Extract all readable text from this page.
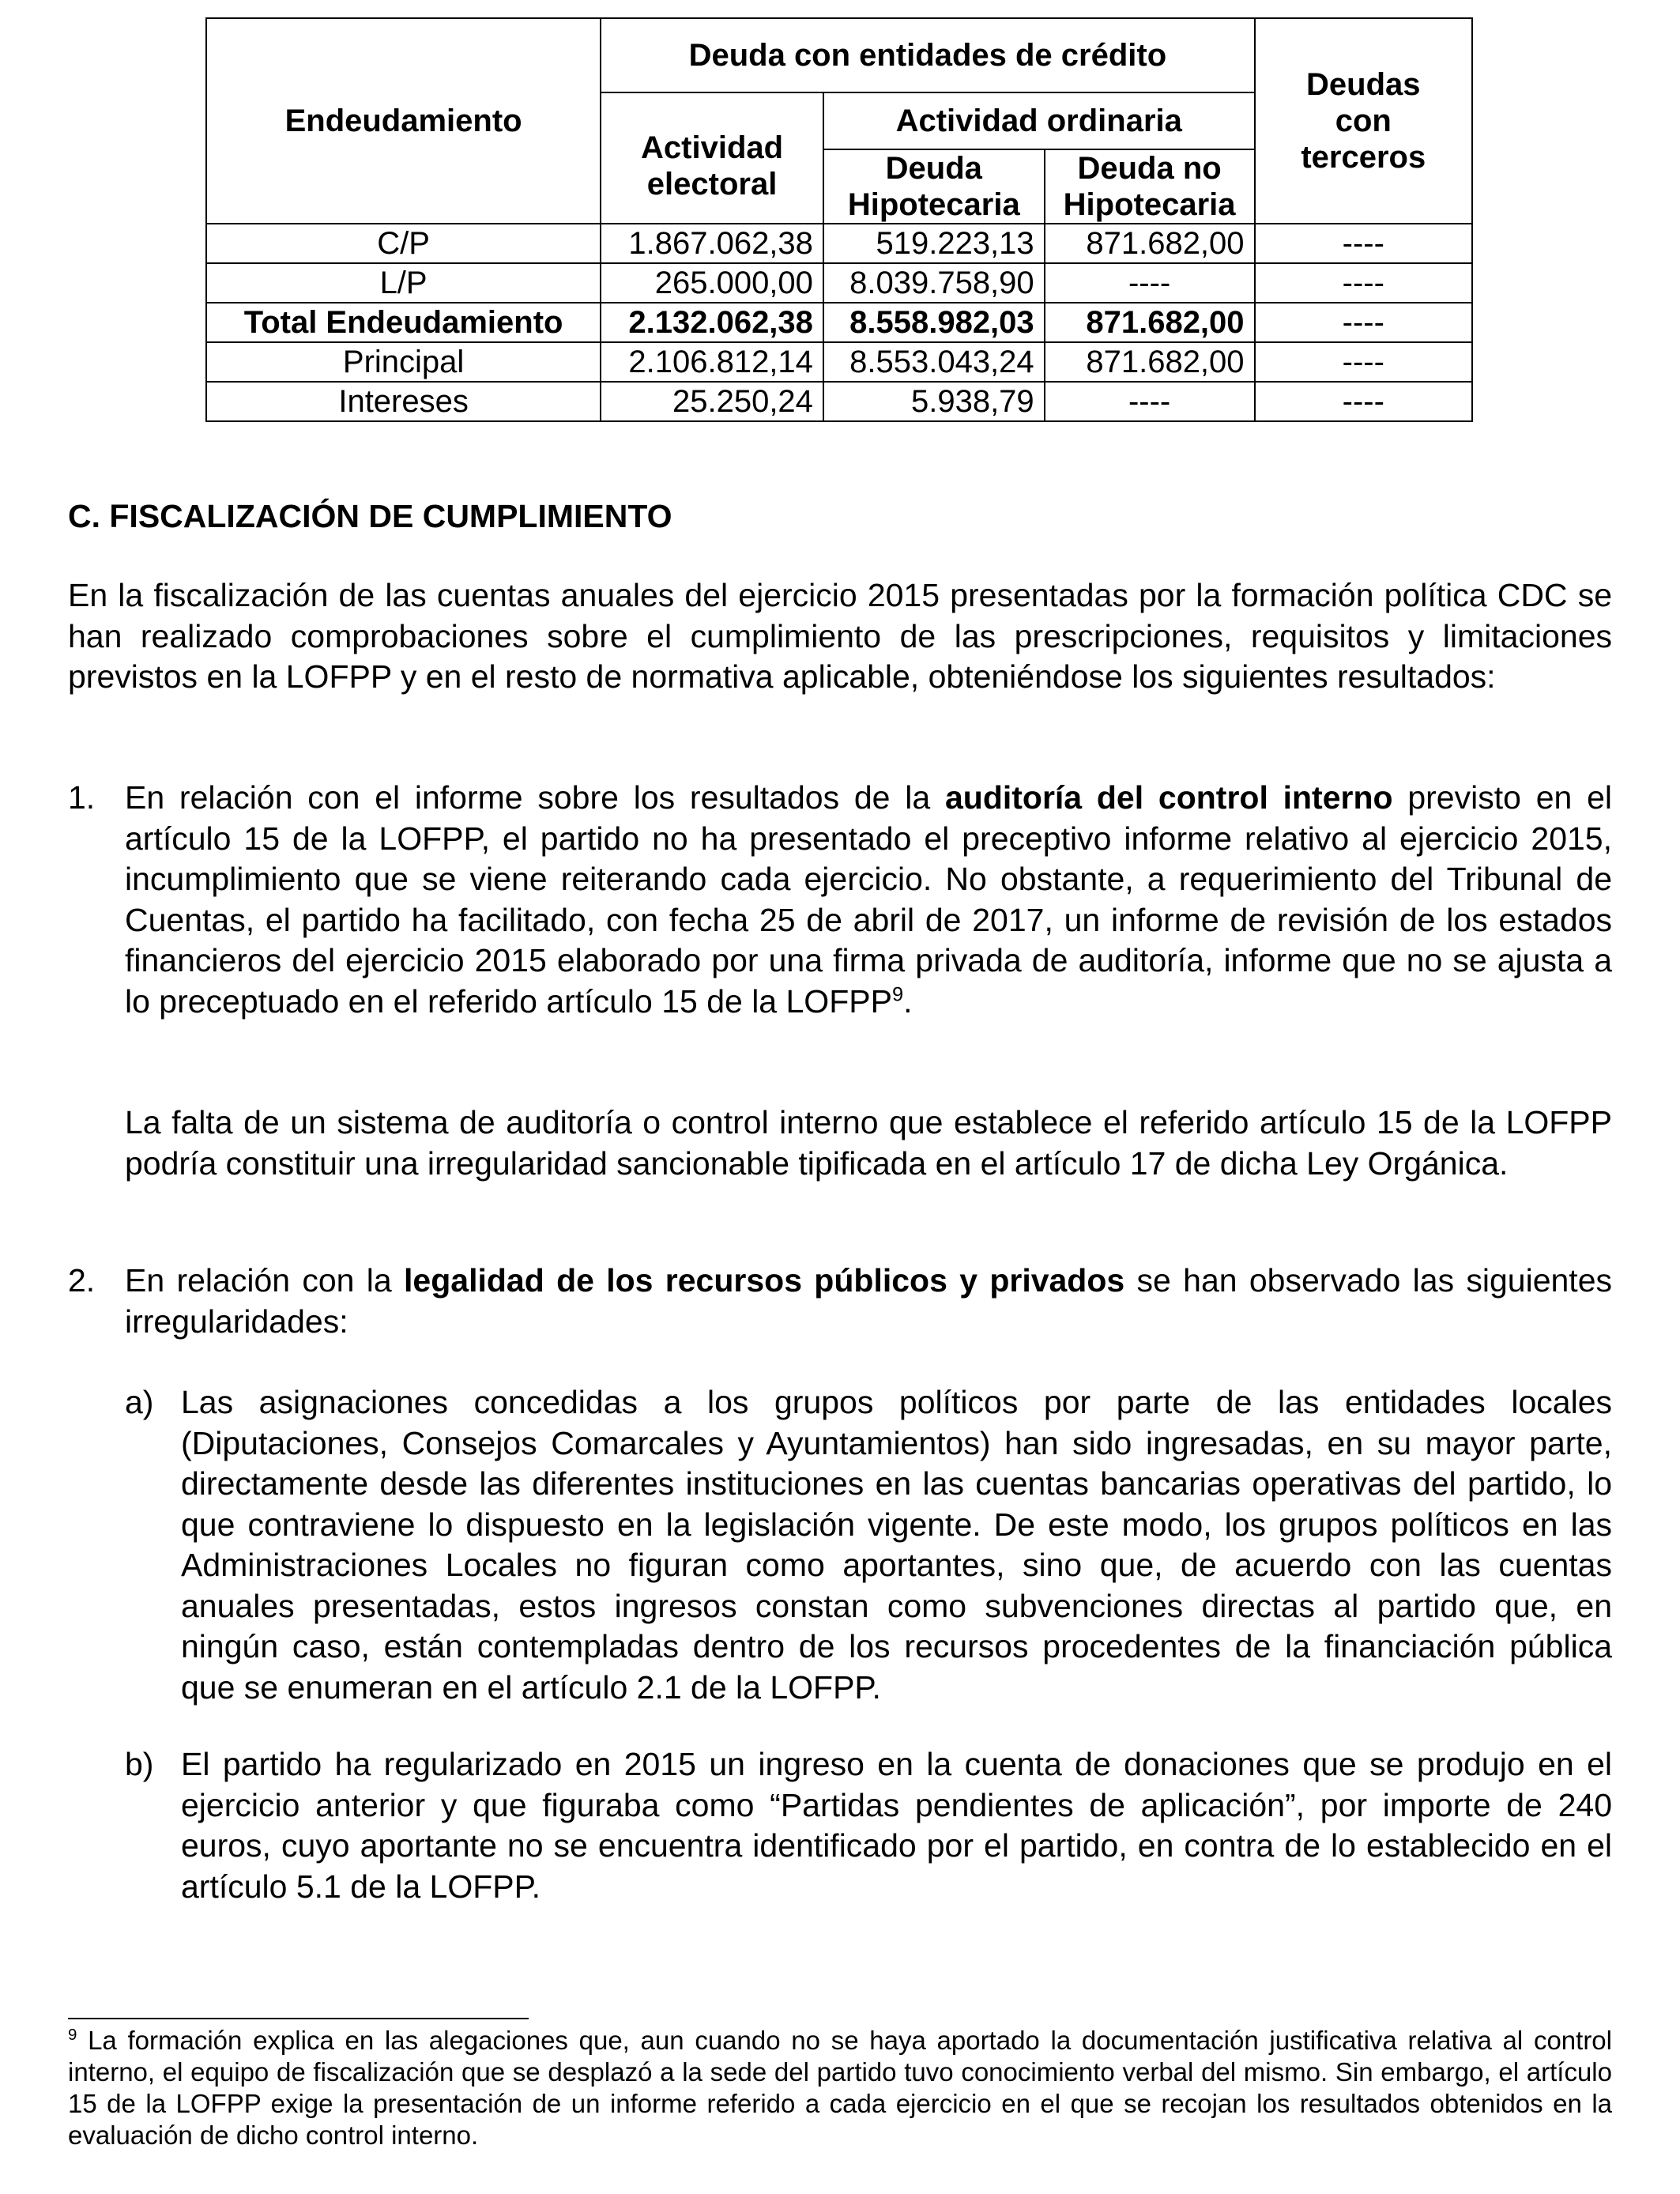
Endeudamiento	Deuda con entidades de crédito			Deudas con terceros

	Actividad electoral	Actividad ordinaria		

		Deuda Hipotecaria	Deuda no Hipotecaria	

C/P	1.867.062,38	519.223,13	871.682,00	----
L/P	265.000,00	8.039.758,90	----	----
Total Endeudamiento	2.132.062,38	8.558.982,03	871.682,00	----
Principal	2.106.812,14	8.553.043,24	871.682,00	----
Intereses	25.250,24	5.938,79	----	----
C. FISCALIZACIÓN DE CUMPLIMIENTO
En la fiscalización de las cuentas anuales del ejercicio 2015 presentadas por la formación política CDC se han realizado comprobaciones sobre el cumplimiento de las prescripciones, requisitos y limitaciones previstos en la LOFPP y en el resto de normativa aplicable, obteniéndose los siguientes resultados:
1. En relación con el informe sobre los resultados de la auditoría del control interno previsto en el artículo 15 de la LOFPP, el partido no ha presentado el preceptivo informe relativo al ejercicio 2015, incumplimiento que se viene reiterando cada ejercicio. No obstante, a requerimiento del Tribunal de Cuentas, el partido ha facilitado, con fecha 25 de abril de 2017, un informe de revisión de los estados financieros del ejercicio 2015 elaborado por una firma privada de auditoría, informe que no se ajusta a lo preceptuado en el referido artículo 15 de la LOFPP$^9$.
La falta de un sistema de auditoría o control interno que establece el referido artículo 15 de la LOFPP podría constituir una irregularidad sancionable tipificada en el artículo 17 de dicha Ley Orgánica.
2. En relación con la legalidad de los recursos públicos y privados se han observado las siguientes irregularidades:
a) Las asignaciones concedidas a los grupos políticos por parte de las entidades locales (Diputaciones, Consejos Comarcales y Ayuntamientos) han sido ingresadas, en su mayor parte, directamente desde las diferentes instituciones en las cuentas bancarias operativas del partido, lo que contraviene lo dispuesto en la legislación vigente. De este modo, los grupos políticos en las Administraciones Locales no figuran como aportantes, sino que, de acuerdo con las cuentas anuales presentadas, estos ingresos constan como subvenciones directas al partido que, en ningún caso, están contempladas dentro de los recursos procedentes de la financiación pública que se enumeran en el artículo 2.1 de la LOFPP.
b) El partido ha regularizado en 2015 un ingreso en la cuenta de donaciones que se produjo en el ejercicio anterior y que figuraba como “Partidas pendientes de aplicación”, por importe de 240 euros, cuyo aportante no se encuentra identificado por el partido, en contra de lo establecido en el artículo 5.1 de la LOFPP.
$^9$ La formación explica en las alegaciones que, aun cuando no se haya aportado la documentación justificativa relativa al control interno, el equipo de fiscalización que se desplazó a la sede del partido tuvo conocimiento verbal del mismo. Sin embargo, el artículo 15 de la LOFPP exige la presentación de un informe referido a cada ejercicio en el que se recojan los resultados obtenidos en la evaluación de dicho control interno.
